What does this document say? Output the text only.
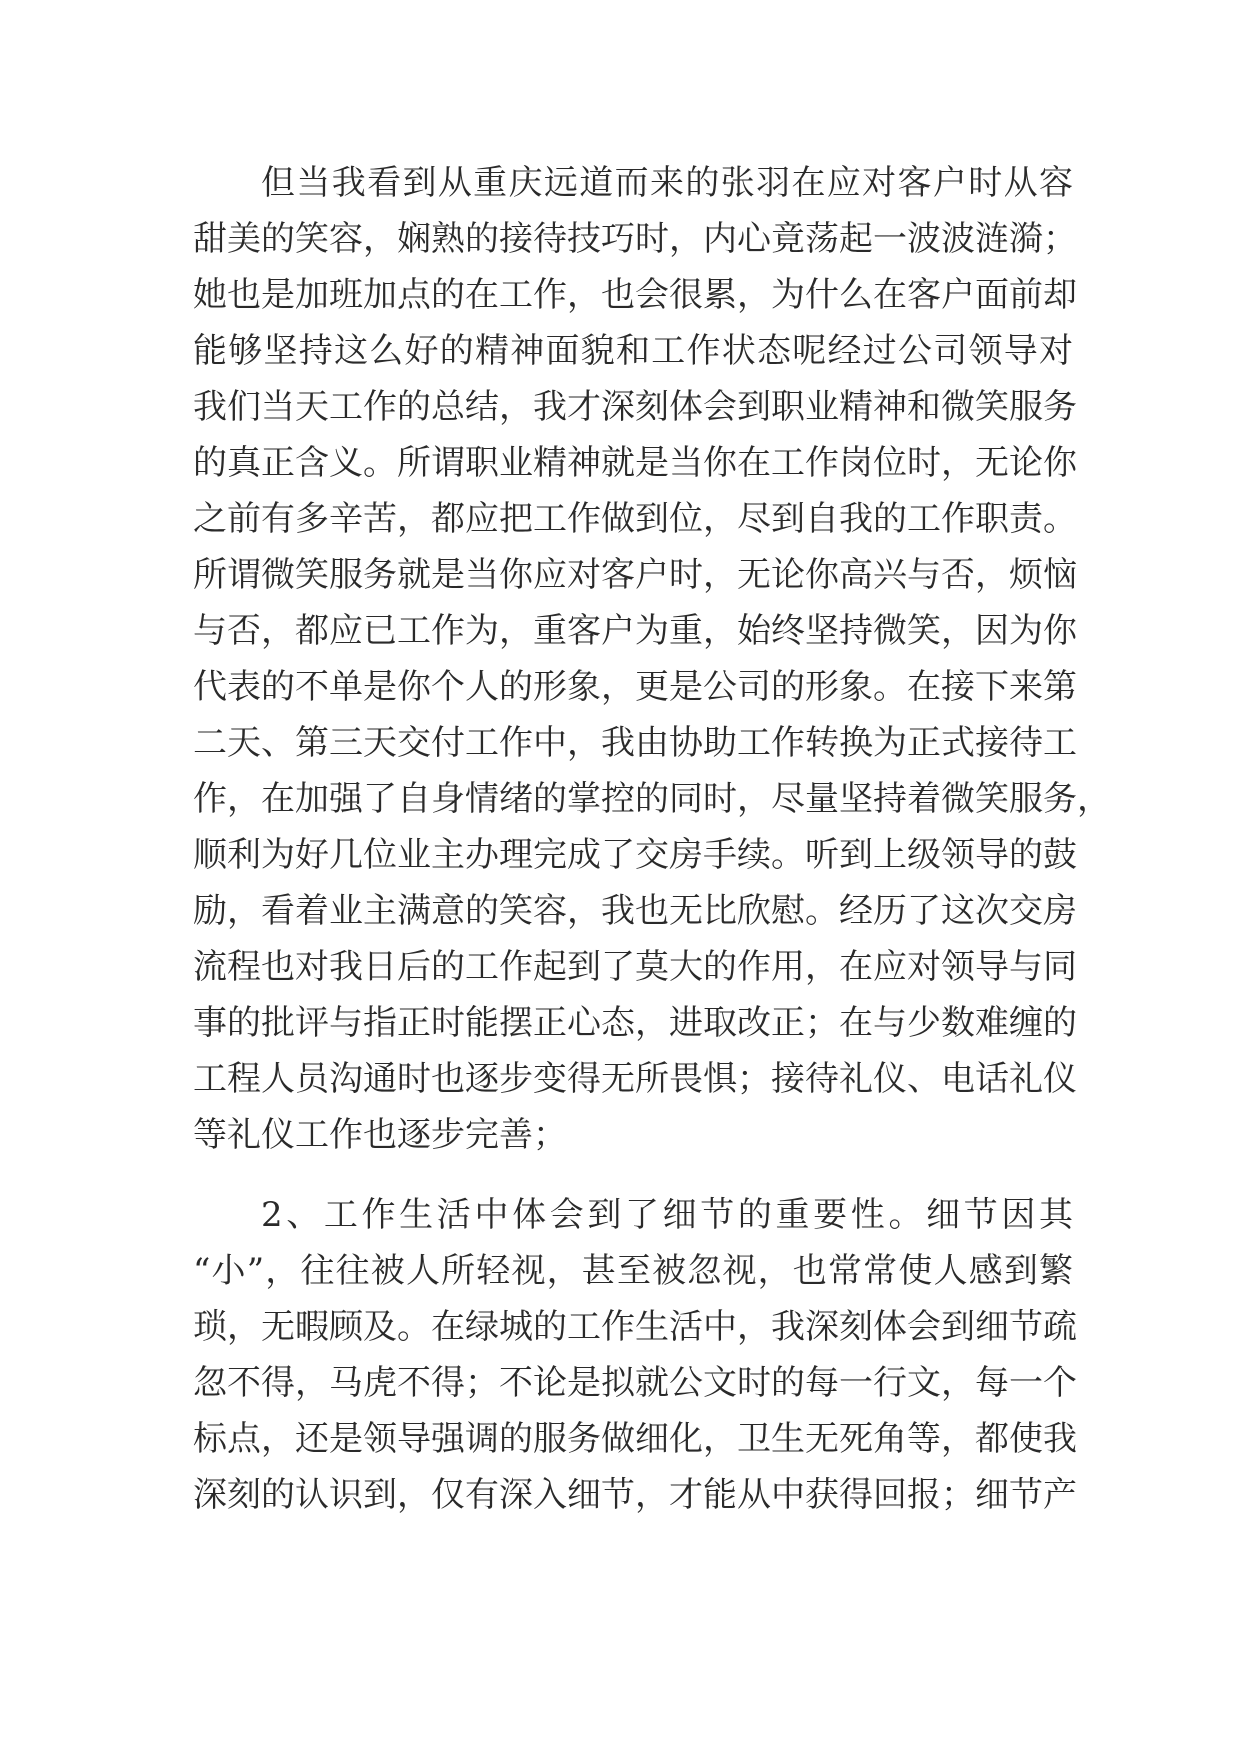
但当我看到从重庆远道而来的张羽在应对客户时从容
甜美的笑容，娴熟的接待技巧时，内心竟荡起一波波涟漪；
她也是加班加点的在工作，也会很累，为什么在客户面前却
能够坚持这么好的精神面貌和工作状态呢经过公司领导对
我们当天工作的总结，我才深刻体会到职业精神和微笑服务
的真正含义。所谓职业精神就是当你在工作岗位时，无论你
之前有多辛苦，都应把工作做到位，尽到自我的工作职责。
所谓微笑服务就是当你应对客户时，无论你高兴与否，烦恼
与否，都应已工作为，重客户为重，始终坚持微笑，因为你
代表的不单是你个人的形象，更是公司的形象。在接下来第
二天、第三天交付工作中，我由协助工作转换为正式接待工
作，在加强了自身情绪的掌控的同时，尽量坚持着微笑服务，
顺利为好几位业主办理完成了交房手续。听到上级领导的鼓
励，看着业主满意的笑容，我也无比欣慰。经历了这次交房
流程也对我日后的工作起到了莫大的作用，在应对领导与同
事的批评与指正时能摆正心态，进取改正；在与少数难缠的
工程人员沟通时也逐步变得无所畏惧；接待礼仪、电话礼仪
等礼仪工作也逐步完善；
2、工作生活中体会到了细节的重要性。细节因其
“小”，往往被人所轻视，甚至被忽视，也常常使人感到繁
琐，无暇顾及。在绿城的工作生活中，我深刻体会到细节疏
忽不得，马虎不得；不论是拟就公文时的每一行文，每一个
标点，还是领导强调的服务做细化，卫生无死角等，都使我
深刻的认识到，仅有深入细节，才能从中获得回报；细节产
